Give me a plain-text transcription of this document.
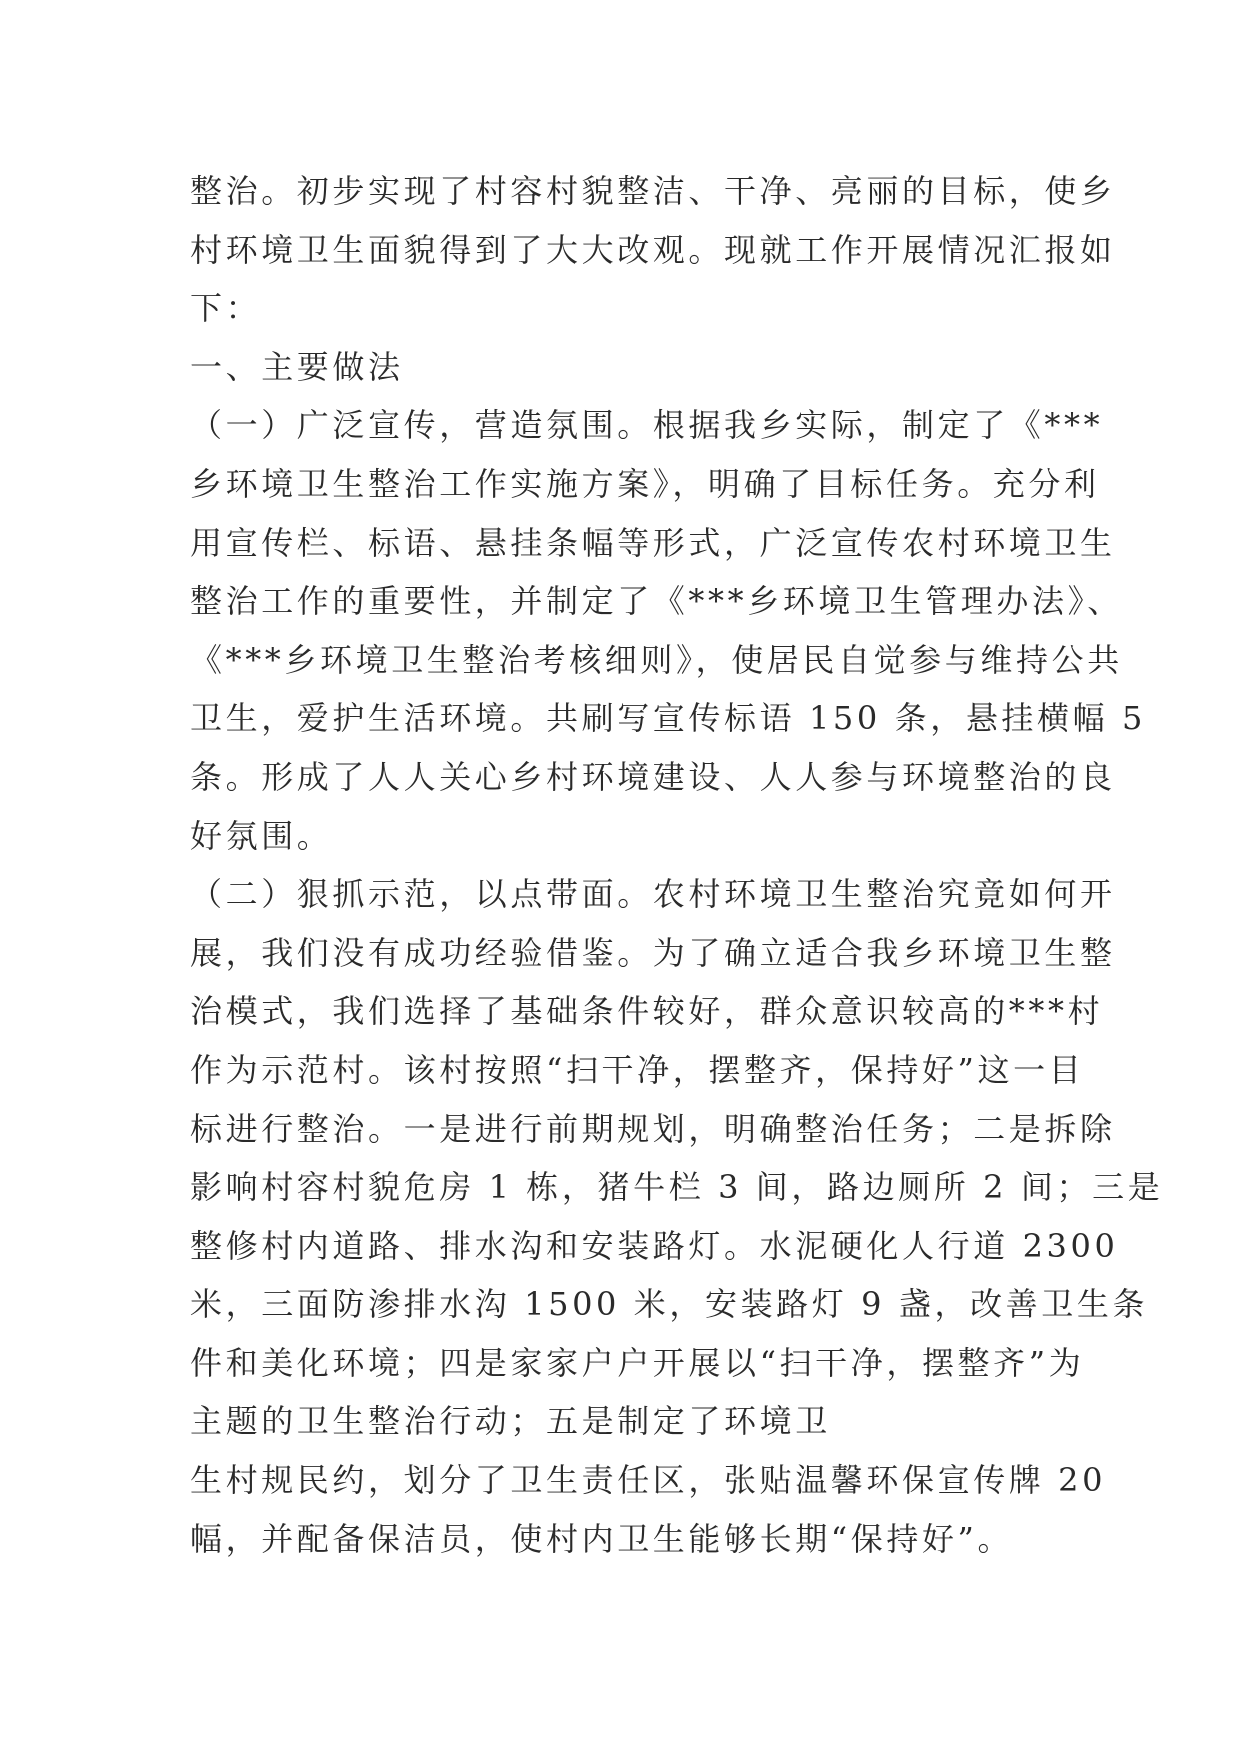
整治。初步实现了村容村貌整洁、干净、亮丽的目标，使乡
村环境卫生面貌得到了大大改观。现就工作开展情况汇报如
下：
一、主要做法
（一）广泛宣传，营造氛围。根据我乡实际，制定了《***
乡环境卫生整治工作实施方案》，明确了目标任务。充分利
用宣传栏、标语、悬挂条幅等形式，广泛宣传农村环境卫生
整治工作的重要性，并制定了《***乡环境卫生管理办法》、
《***乡环境卫生整治考核细则》，使居民自觉参与维持公共
卫生，爱护生活环境。共刷写宣传标语 150 条，悬挂横幅 5
条。形成了人人关心乡村环境建设、人人参与环境整治的良
好氛围。
（二）狠抓示范，以点带面。农村环境卫生整治究竟如何开
展，我们没有成功经验借鉴。为了确立适合我乡环境卫生整
治模式，我们选择了基础条件较好，群众意识较高的***村
作为示范村。该村按照“扫干净，摆整齐，保持好”这一目
标进行整治。一是进行前期规划，明确整治任务；二是拆除
影响村容村貌危房 1 栋，猪牛栏 3 间，路边厕所 2 间；三是
整修村内道路、排水沟和安装路灯。水泥硬化人行道 2300
米，三面防渗排水沟 1500 米，安装路灯 9 盏，改善卫生条
件和美化环境；四是家家户户开展以“扫干净，摆整齐”为
主题的卫生整治行动；五是制定了环境卫
生村规民约，划分了卫生责任区，张贴温馨环保宣传牌 20
幅，并配备保洁员，使村内卫生能够长期“保持好”。
